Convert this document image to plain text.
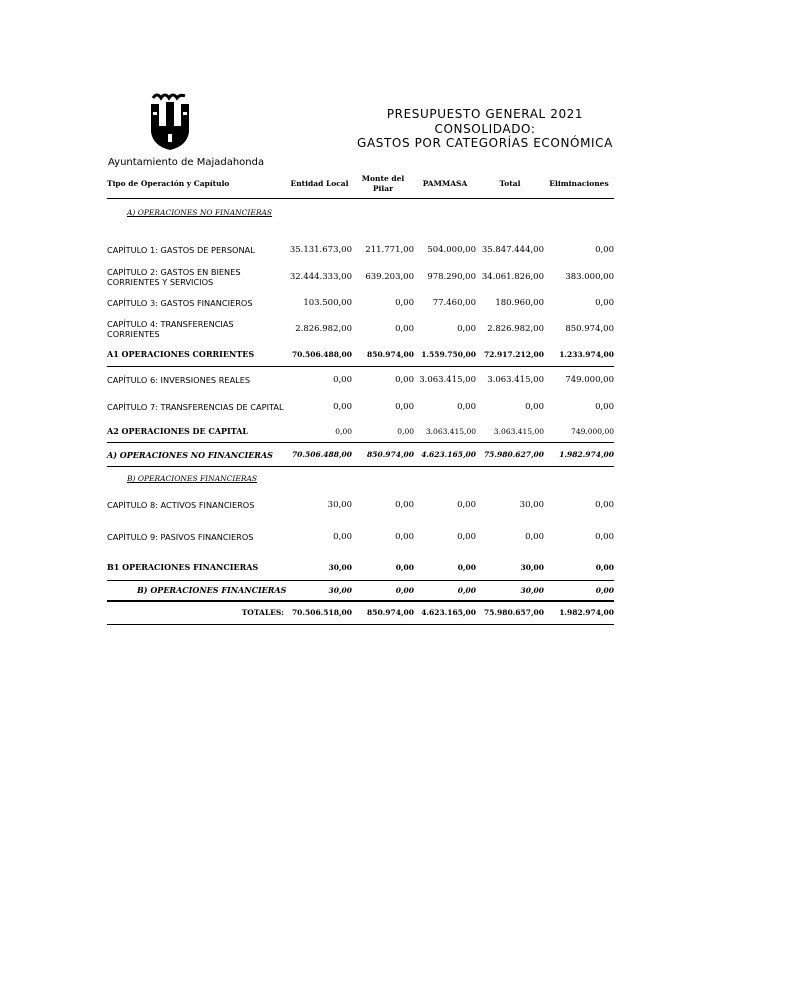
Ayuntamiento de Majadahonda
PRESUPUESTO GENERAL 2021
CONSOLIDADO:
GASTOS POR CATEGORÍAS ECONÓMICA
Tipo de Operación y Capítulo	Entidad Local	Monte del Pilar	PAMMASA	Total	Eliminaciones
A) OPERACIONES NO FINANCIERAS					

CAPÍTULO 1: GASTOS DE PERSONAL	35.131.673,00	211.771,00	504.000,00	35.847.444,00	0,00
CAPÍTULO 2: GASTOS EN BIENES CORRIENTES Y SERVICIOS	32.444.333,00	639.203,00	978.290,00	34.061.826,00	383.000,00
CAPÍTULO 3: GASTOS FINANCIEROS	103.500,00	0,00	77.460,00	180.960,00	0,00
CAPÍTULO 4: TRANSFERENCIAS CORRIENTES	2.826.982,00	0,00	0,00	2.826.982,00	850.974,00
A1 OPERACIONES CORRIENTES	70.506.488,00	850.974,00	1.559.750,00	72.917.212,00	1.233.974,00
CAPÍTULO 6: INVERSIONES REALES	0,00	0,00	3.063.415,00	3.063.415,00	749.000,00
CAPÍTULO 7: TRANSFERENCIAS DE CAPITAL	0,00	0,00	0,00	0,00	0,00
A2 OPERACIONES DE CAPITAL	0,00	0,00	3.063.415,00	3.063.415,00	749.000,00
A) OPERACIONES NO FINANCIERAS	70.506.488,00	850.974,00	4.623.165,00	75.980.627,00	1.982.974,00
B) OPERACIONES FINANCIERAS					
CAPÍTULO 8: ACTIVOS FINANCIEROS	30,00	0,00	0,00	30,00	0,00
CAPÍTULO 9: PASIVOS FINANCIEROS	0,00	0,00	0,00	0,00	0,00
B1 OPERACIONES FINANCIERAS	30,00	0,00	0,00	30,00	0,00
B) OPERACIONES FINANCIERAS	30,00	0,00	0,00	30,00	0,00
TOTALES:	70.506.518,00	850.974,00	4.623.165,00	75.980.657,00	1.982.974,00
